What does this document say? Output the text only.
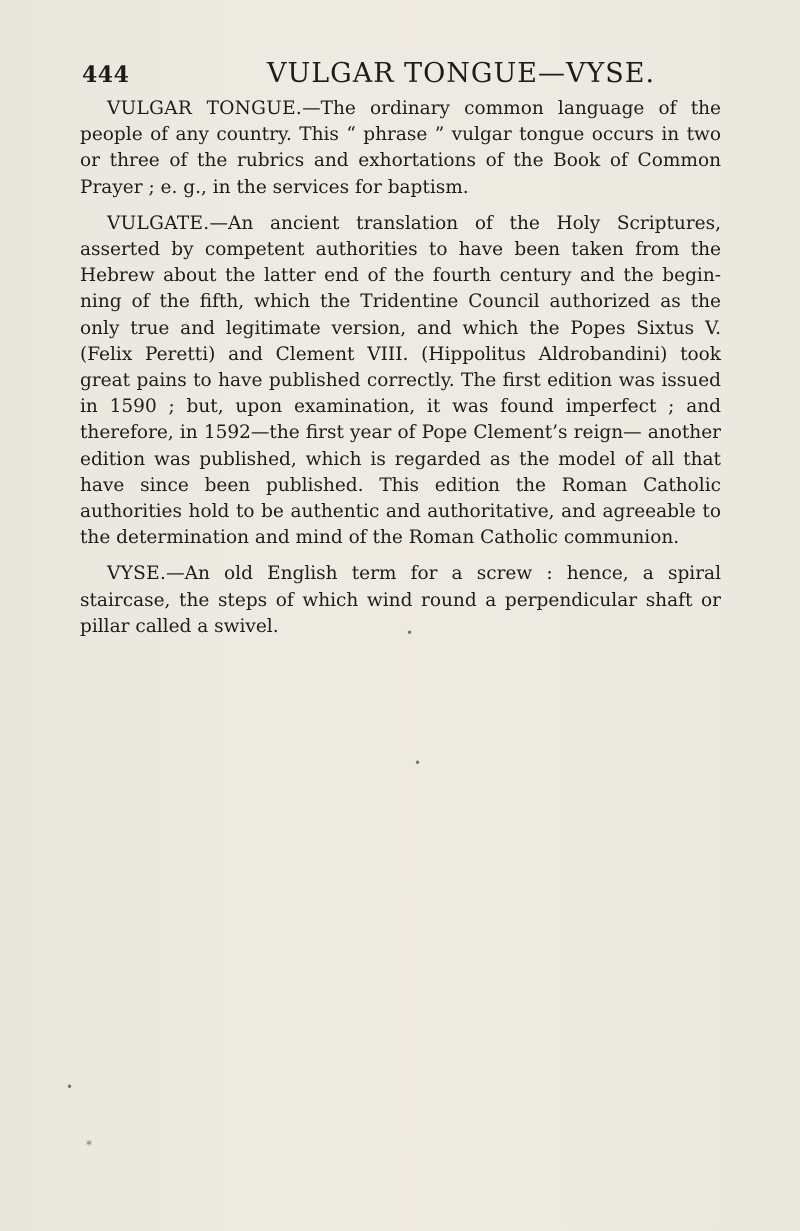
444	VULGAR TONGUE—VYSE.

VULGAR TONGUE.—The ordinary common language of the people of any country. This “ phrase ” vulgar tongue occurs in two or three of the rubrics and exhortations of the Book of Common Prayer ; e. g., in the services for baptism.

VULGATE.—An ancient translation of the Holy Scriptures, asserted by competent authorities to have been taken from the Hebrew about the latter end of the fourth century and the begin- ning of the fifth, which the Tridentine Council authorized as the only true and legitimate version, and which the Popes Sixtus V. (Felix Peretti) and Clement VIII. (Hippolitus Aldrobandini) took great pains to have published correctly. The first edition was issued in 1590 ; but, upon examination, it was found imperfect ; and therefore, in 1592—the first year of Pope Clement’s reign— another edition was published, which is regarded as the model of all that have since been published. This edition the Roman Catholic authorities hold to be authentic and authoritative, and agreeable to the determination and mind of the Roman Catholic communion.

VYSE.—An old English term for a screw : hence, a spiral staircase, the steps of which wind round a perpendicular shaft or pillar called a swivel.	•
•
•
*
